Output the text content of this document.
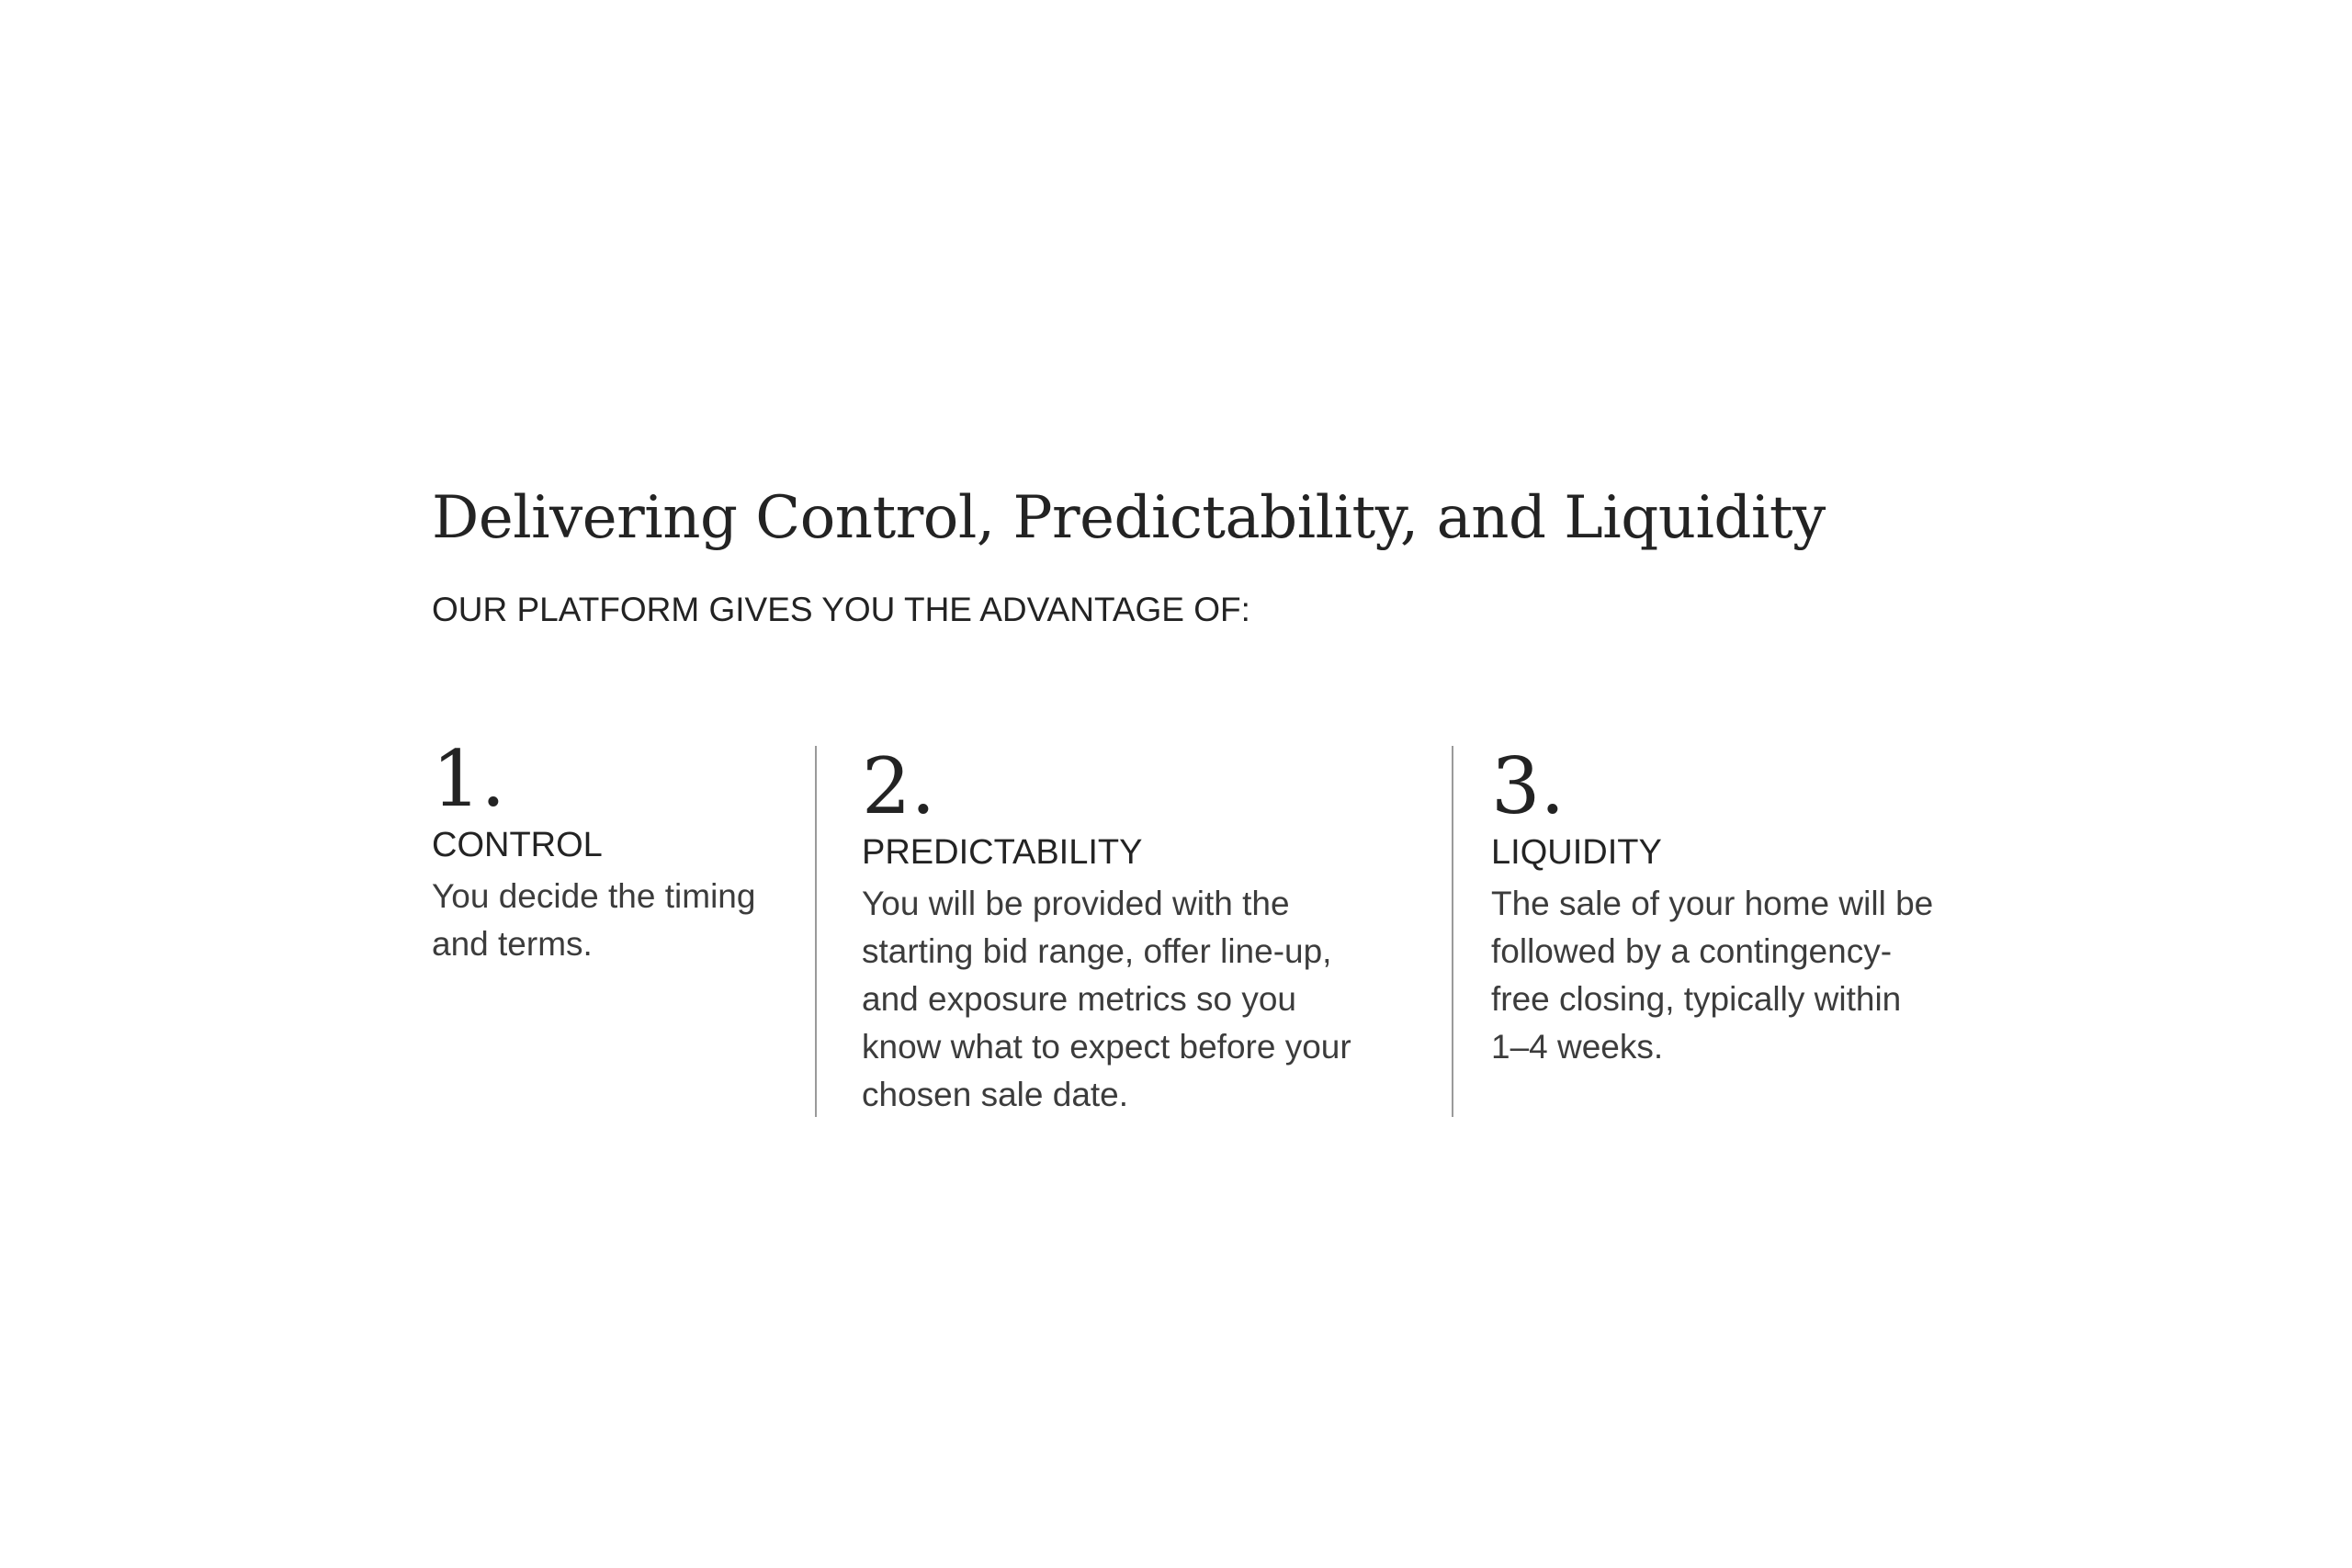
Delivering Control, Predictability, and Liquidity
OUR PLATFORM GIVES YOU THE ADVANTAGE OF:

1.

CONTROL

You decide the timing
and terms.

2.

PREDICTABILITY

You will be provided with the
starting bid range, offer line-up,
and exposure metrics so you
know what to expect before your
chosen sale date.

3.

LIQUIDITY

The sale of your home will be
followed by a contingency-
free closing, typically within
1–4 weeks.
